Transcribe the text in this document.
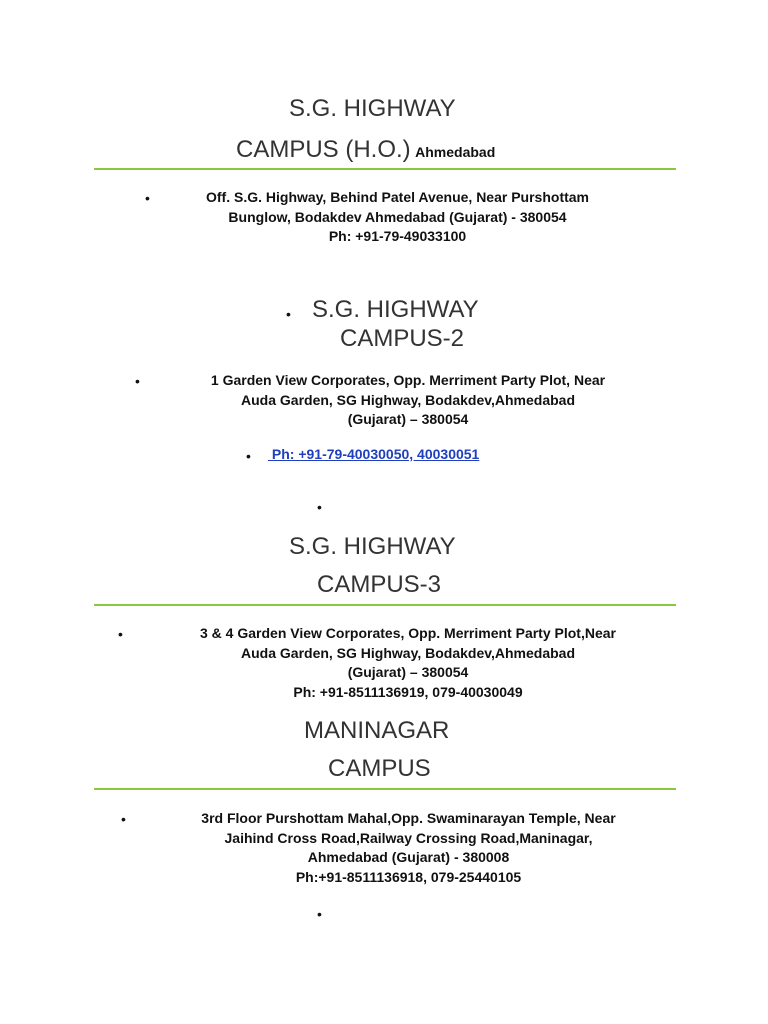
S.G. HIGHWAY
CAMPUS (H.O.) Ahmedabad
•	Off. S.G. Highway, Behind Patel Avenue, Near Purshottam
Bunglow, Bodakdev Ahmedabad (Gujarat) - 380054
Ph: +91-79-49033100
• S.G. HIGHWAY
CAMPUS-2
•	1 Garden View Corporates, Opp. Merriment Party Plot, Near
Auda Garden, SG Highway, Bodakdev,Ahmedabad
(Gujarat) – 380054
• Ph: +91-79-40030050, 40030051
•
S.G. HIGHWAY
CAMPUS-3
•	3 & 4 Garden View Corporates, Opp. Merriment Party Plot,Near
Auda Garden, SG Highway, Bodakdev,Ahmedabad
(Gujarat) – 380054
Ph: +91-8511136919, 079-40030049
MANINAGAR
CAMPUS
•	3rd Floor Purshottam Mahal,Opp. Swaminarayan Temple, Near
Jaihind Cross Road,Railway Crossing Road,Maninagar,
Ahmedabad (Gujarat) - 380008
Ph:+91-8511136918, 079-25440105
•
